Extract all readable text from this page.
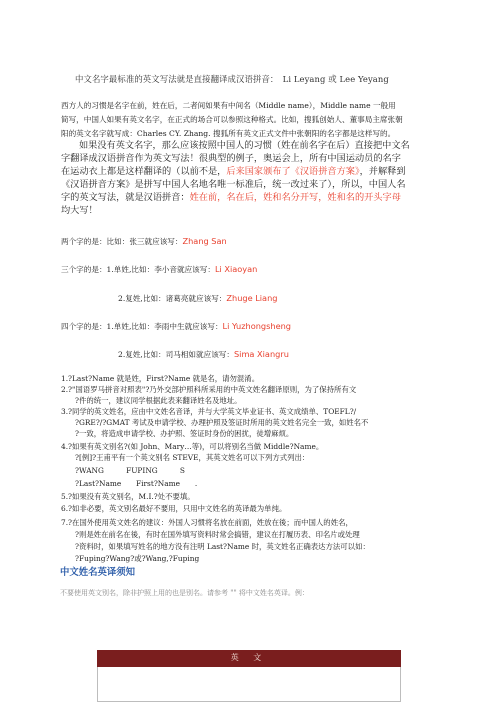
中文名字最标准的英文写法就是直接翻译成汉语拼音：　Li Leyang 或 Lee Yeyang
西方人的习惯是名字在前，姓在后，二者间如果有中间名（Middle name），Middle name 一般用
简写，中国人如果有英文名字，在正式的场合可以参照这种格式。比如，搜狐创始人、董事局主席张朝
阳的英文名字就写成：Charles CY. Zhang. 搜狐所有英文正式文件中张朝阳的名字都是这样写的。
如果没有英文名字，那么应该按照中国人的习惯（姓在前名字在后）直接把中文名
字翻译成汉语拼音作为英文写法！很典型的例子，奥运会上，所有中国运动员的名字
在运动衣上都是这样翻译的（以前不是，后来国家颁布了《汉语拼音方案》，并解释到
《汉语拼音方案》是拼写中国人名地名唯一标准后，统一改过来了），所以，中国人名
字的英文写法，就是汉语拼音：姓在前，名在后，姓和名分开写，姓和名的开头字母
均大写！
两个字的是：比如：张三就应该写：Zhang San
三个字的是：1.单姓,比如：李小音就应该写：Li Xiaoyan
2.复姓,比如：诸葛亮就应该写：Zhuge Liang
四个字的是：1.单姓,比如：李雨中生就应该写：Li Yuzhongsheng
2.复姓,比如：司马相如就应该写：Sima Xiangru
1.?Last?Name 就是姓，First?Name 就是名，请勿混淆。
2.?"国语罗马拼音对照表"?乃外交部护照科所采用的中英文姓名翻译原则，为了保持所有文
?件的统一，建议同学根据此表来翻译姓名及地址。
3.?同学的英文姓名，应由中文姓名音译，并与大学英文毕业证书、英文成绩单、TOEFL?/
?GRE?/?GMAT 考试及申请学校、办理护照及签证时所用的英文姓名完全一致，如姓名不
?一致，将造成申请学校、办护照、签证时身份的困扰，徒增麻烦。
4.?如果有英文别名?(如 John、Mary…等)，可以将别名当做 Middle?Name。
?[例]?王甫平有一个英文别名 STEVE，其英文姓名可以下列方式列出：
?WANG　　　FUPING　　　S
?Last?Name　　First?Name　　.
5.?如果没有英文别名，M.I.?处不要填。
6.?如非必要，英文别名最好不要用，只用中文姓名的英译最为单纯。
7.?在国外使用英文姓名的建议：外国人习惯将名放在前面，姓放在後；而中国人的姓名，
?则是姓在前名在後，有时在国外填写资料时常会搞错，建议在打履历表、印名片或处理
?资料时，如果填写姓名的地方没有注明 Last?Name 时，英文姓名正确表达方法可以如：
?Fuping?Wang?或?Wang,?Fuping
中文姓名英译须知
不要使用英文别名，除非护照上用的也是别名。请参考 "" 将中文姓名英译。例：
英 文
